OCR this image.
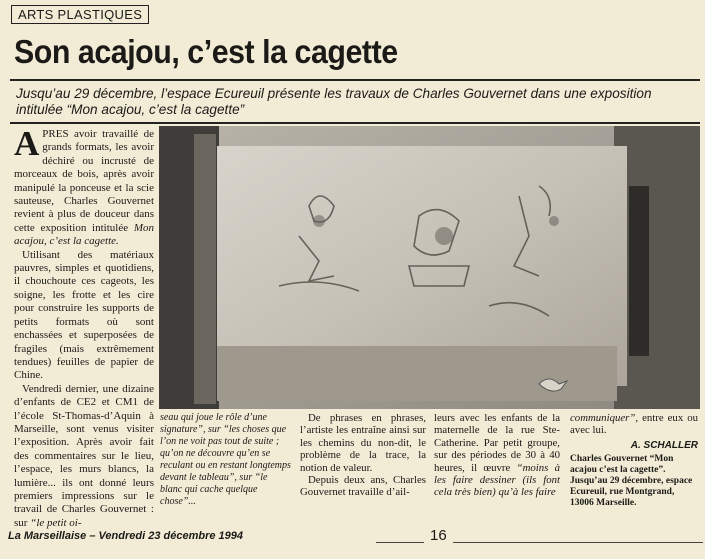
ARTS PLASTIQUES
Son acajou, c’est la cagette
Jusqu’au 29 décembre, l’espace Ecureuil présente les travaux de Charles Gouvernet dans une exposition intitulée “Mon acajou, c’est la cagette”

APRES avoir travaillé de grands formats, les avoir déchiré ou incrusté de morceaux de bois, après avoir manipulé la ponceuse et la scie sauteuse, Charles Gouvernet revient à plus de douceur dans cette exposition intitulée Mon acajou, c’est la cagette.

Utilisant des matériaux pauvres, simples et quotidiens, il chouchoute ces cageots, les soigne, les frotte et les cire pour construire les supports de petits formats où sont enchassées et superposées de fragiles (mais extrêmement tendues) feuilles de papier de Chine.

Vendredi dernier, une dizaine d’enfants de CE2 et CM1 de l’école St-Thomas-d’Aquin à Marseille, sont venus visiter l’exposition. Après avoir fait des commentaires sur le lieu, l’espace, les murs blancs, la lumière... ils ont donné leurs premiers impressions sur le travail de Charles Gouvernet : sur “le petit oi-

seau qui joue le rôle d’une signature”, sur “les choses que l’on ne voit pas tout de suite ; qu’on ne découvre qu’en se reculant ou en restant longtemps devant le tableau”, sur “le blanc qui cache quelque chose”...

De phrases en phrases, l’artiste les entraîne ainsi sur les chemins du non-dit, le problème de la trace, la notion de valeur.

Depuis deux ans, Charles Gouvernet travaille d’ail-

leurs avec les enfants de la maternelle de la rue Ste-Catherine. Par petit groupe, sur des périodes de 30 à 40 heures, il œuvre “moins à les faire dessiner (ils font cela très bien) qu’à les faire

communiquer”, entre eux ou avec lui.

A. SCHALLER
Charles Gouvernet “Mon acajou c’est la cagette”. Jusqu’au 29 décembre, espace Ecureuil, rue Montgrand, 13006 Marseille.
La Marseillaise – Vendredi 23 décembre 1994	16
